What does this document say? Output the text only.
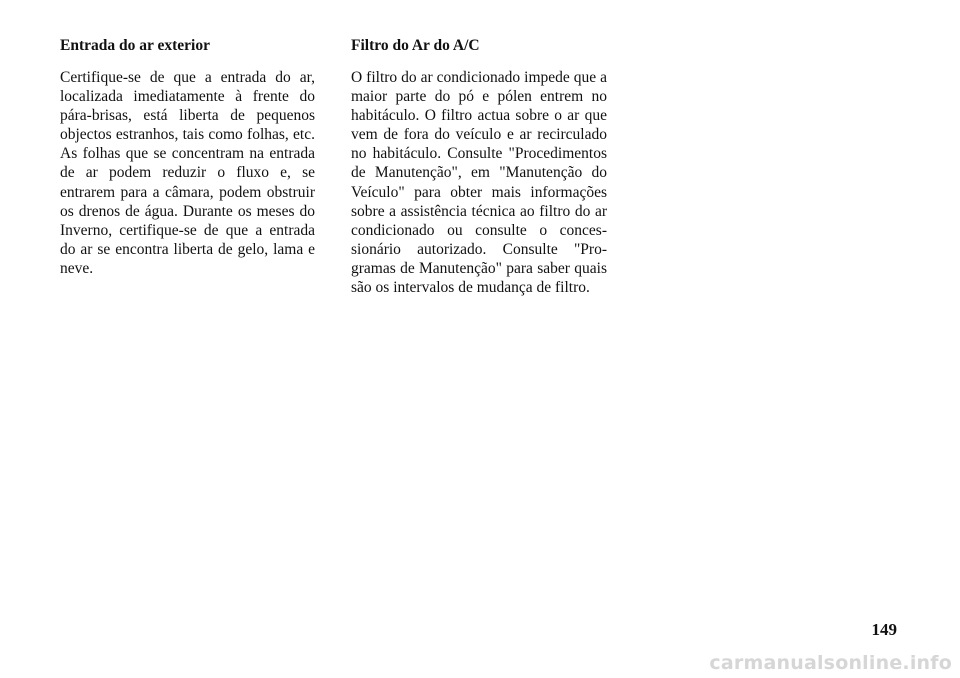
Entrada do ar exterior

Certifique-se de que a entrada do ar, localizada imediatamente à frente do pára-brisas, está liberta de pequenos objectos estranhos, tais como folhas, etc. As folhas que se concentram na entrada de ar podem reduzir o fluxo e, se entrarem para a câmara, podem obstruir os drenos de água. Durante os meses do Inverno, certifique-se de que a entrada do ar se encontra liberta de gelo, lama e neve.

Filtro do Ar do A/C

O filtro do ar condicionado impede que a maior parte do pó e pólen entrem no habitáculo. O filtro actua sobre o ar que vem de fora do veículo e ar recirculado no habitáculo. Consulte "Procedimentos de Manutenção", em "Manutenção do Veículo" para obter mais informações sobre a assistência técnica ao filtro do ar condicionado ou consulte o concessionário autorizado. Consulte "Programas de Manutenção" para saber quais são os intervalos de mudança de filtro.

149
carmanualsonline.info
